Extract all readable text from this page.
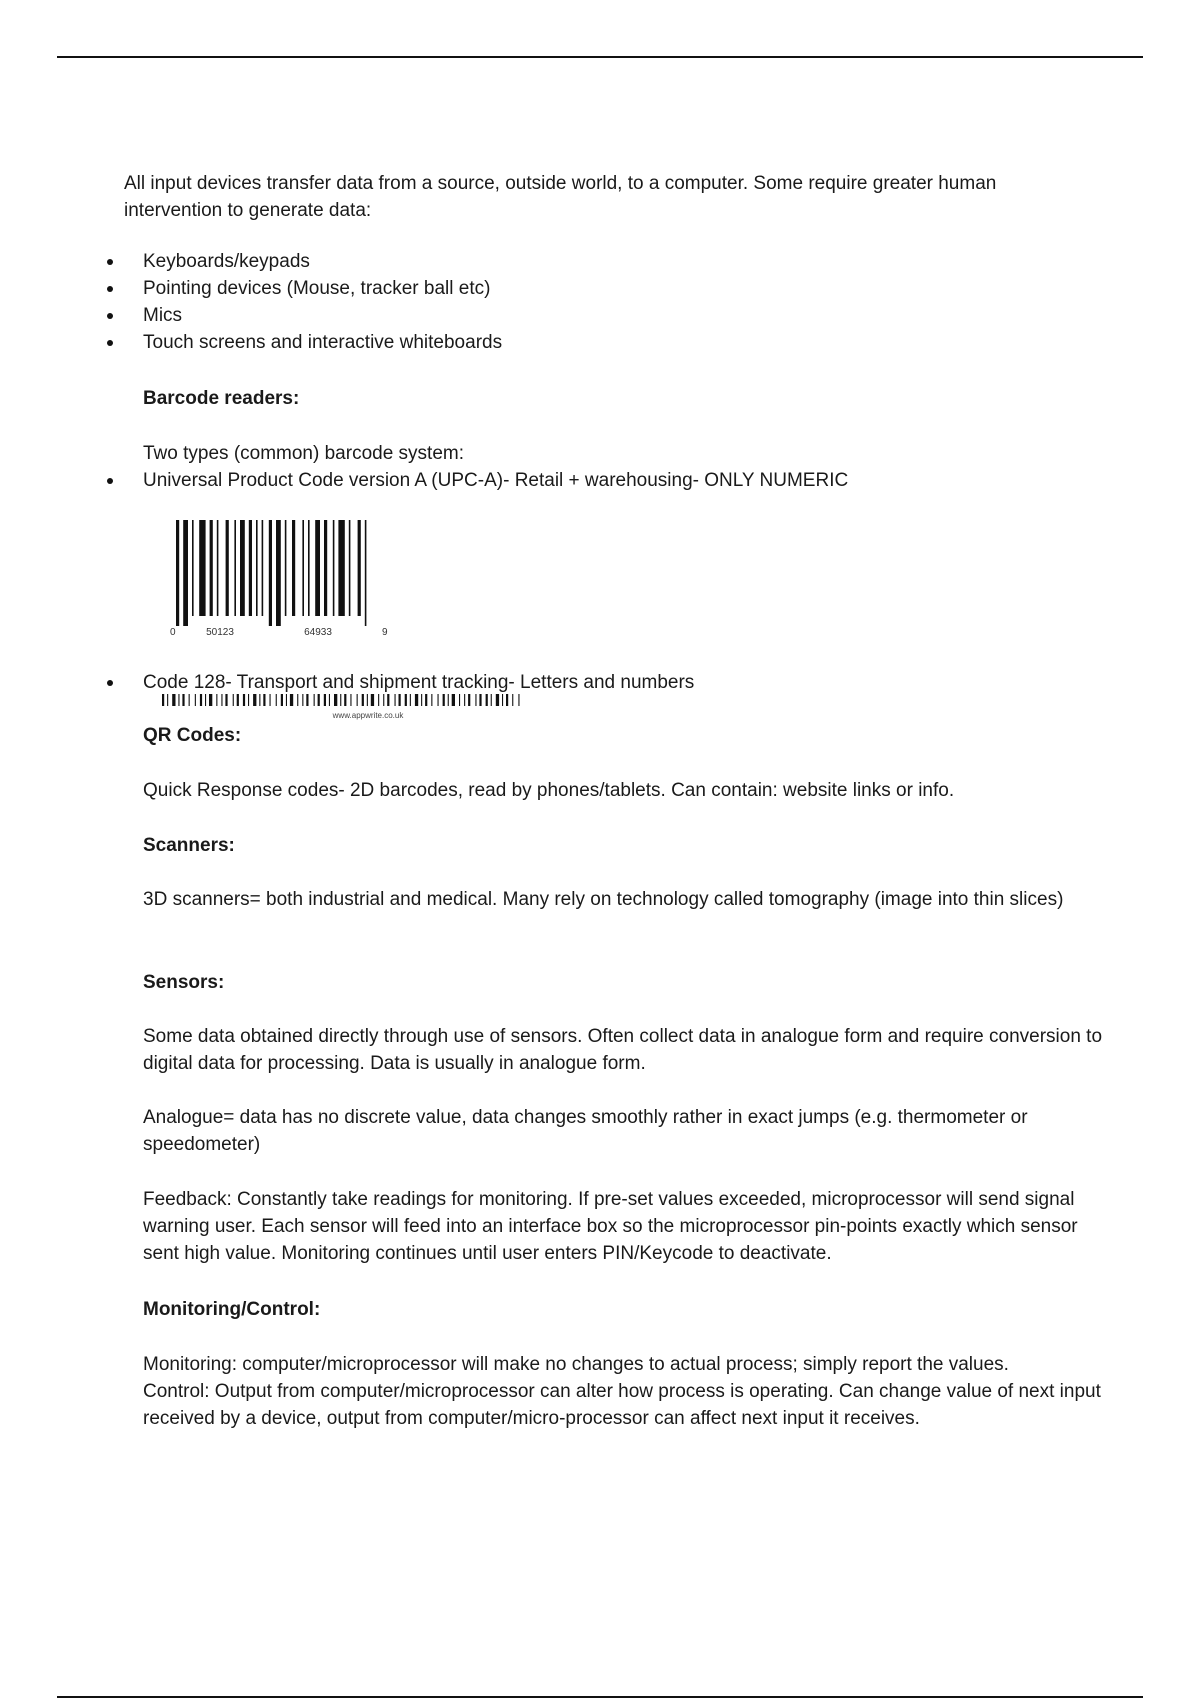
All input devices transfer data from a source, outside world, to a computer. Some require greater human intervention to generate data:

Keyboards/keypads
Pointing devices (Mouse, tracker ball etc)
Mics
Touch screens and interactive whiteboards

Barcode readers:

Two types (common) barcode system:

Universal Product Code version A (UPC-A)- Retail + warehousing- ONLY NUMERIC
0	50123	64933	9
Code 128- Transport and shipment tracking- Letters and numbers
www.appwrite.co.uk

QR Codes:

Quick Response codes- 2D barcodes, read by phones/tablets. Can contain: website links or info.

Scanners:

3D scanners= both industrial and medical. Many rely on technology called tomography (image into thin slices)

Sensors:

Some data obtained directly through use of sensors. Often collect data in analogue form and require conversion to digital data for processing. Data is usually in analogue form.

Analogue= data has no discrete value, data changes smoothly rather in exact jumps (e.g. thermometer or speedometer)

Feedback: Constantly take readings for monitoring. If pre-set values exceeded, microprocessor will send signal warning user. Each sensor will feed into an interface box so the microprocessor pin-points exactly which sensor sent high value. Monitoring continues until user enters PIN/Keycode to deactivate.

Monitoring/Control:

Monitoring: computer/microprocessor will make no changes to actual process; simply report the values.

Control: Output from computer/microprocessor can alter how process is operating. Can change value of next input received by a device, output from computer/micro-processor can affect next input it receives.
